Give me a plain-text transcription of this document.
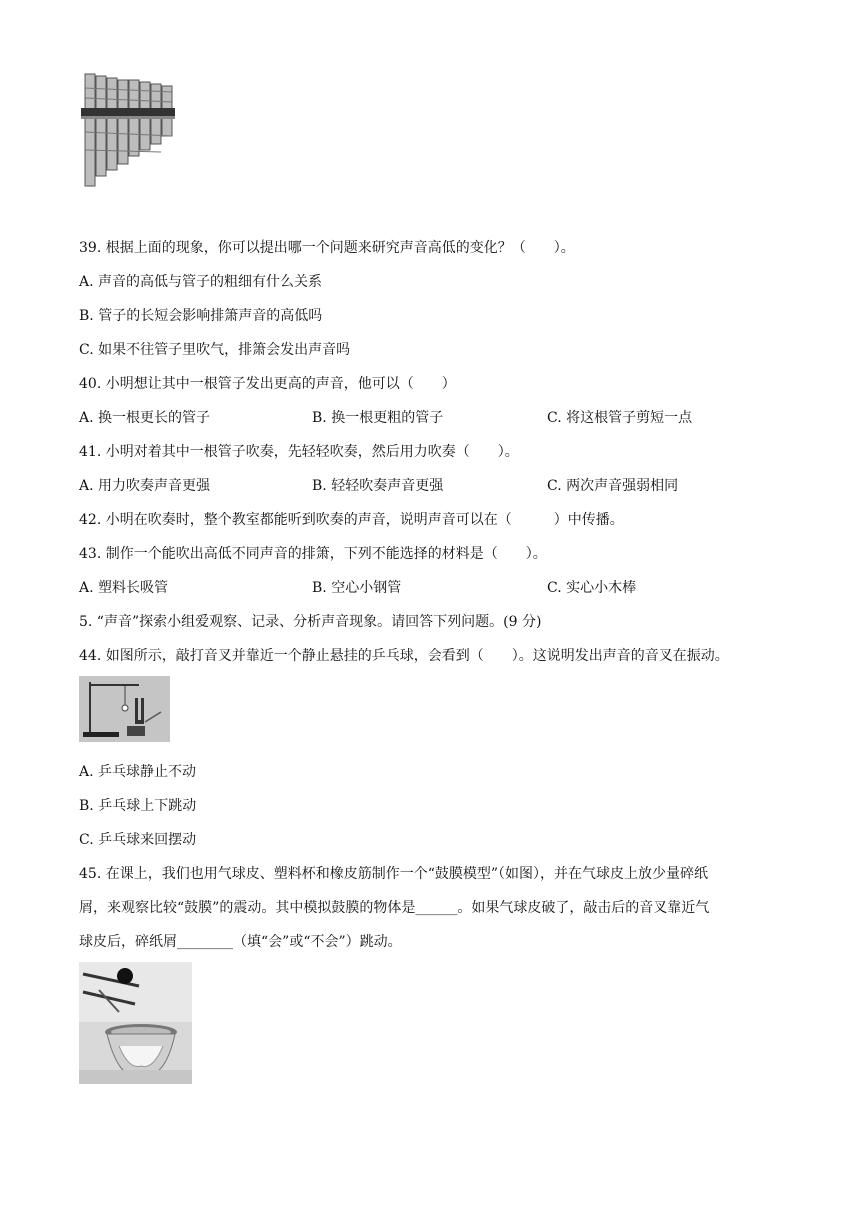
39. 根据上面的现象，你可以提出哪一个问题来研究声音高低的变化？（　　）。
A. 声音的高低与管子的粗细有什么关系
B. 管子的长短会影响排箫声音的高低吗
C. 如果不往管子里吹气，排箫会发出声音吗
40. 小明想让其中一根管子发出更高的声音，他可以（　　）
A. 换一根更长的管子	B. 换一根更粗的管子	C. 将这根管子剪短一点
41. 小明对着其中一根管子吹奏，先轻轻吹奏，然后用力吹奏（　　）。
A. 用力吹奏声音更强	B. 轻轻吹奏声音更强	C. 两次声音强弱相同
42. 小明在吹奏时，整个教室都能听到吹奏的声音，说明声音可以在（　　　）中传播。
43. 制作一个能吹出高低不同声音的排箫，下列不能选择的材料是（　　）。
A. 塑料长吸管	B. 空心小钢管	C. 实心小木棒
5. “声音”探索小组爱观察、记录、分析声音现象。请回答下列问题。(9 分)
44. 如图所示，敲打音叉并靠近一个静止悬挂的乒乓球，会看到（　　）。这说明发出声音的音叉在振动。
A. 乒乓球静止不动
B. 乒乓球上下跳动
C. 乒乓球来回摆动
45. 在课上，我们也用气球皮、塑料杯和橡皮筋制作一个“鼓膜模型”（如图），并在气球皮上放少量碎纸
屑，来观察比较“鼓膜”的震动。其中模拟鼓膜的物体是______。如果气球皮破了，敲击后的音叉靠近气
球皮后，碎纸屑________（填“会”或“不会”）跳动。
